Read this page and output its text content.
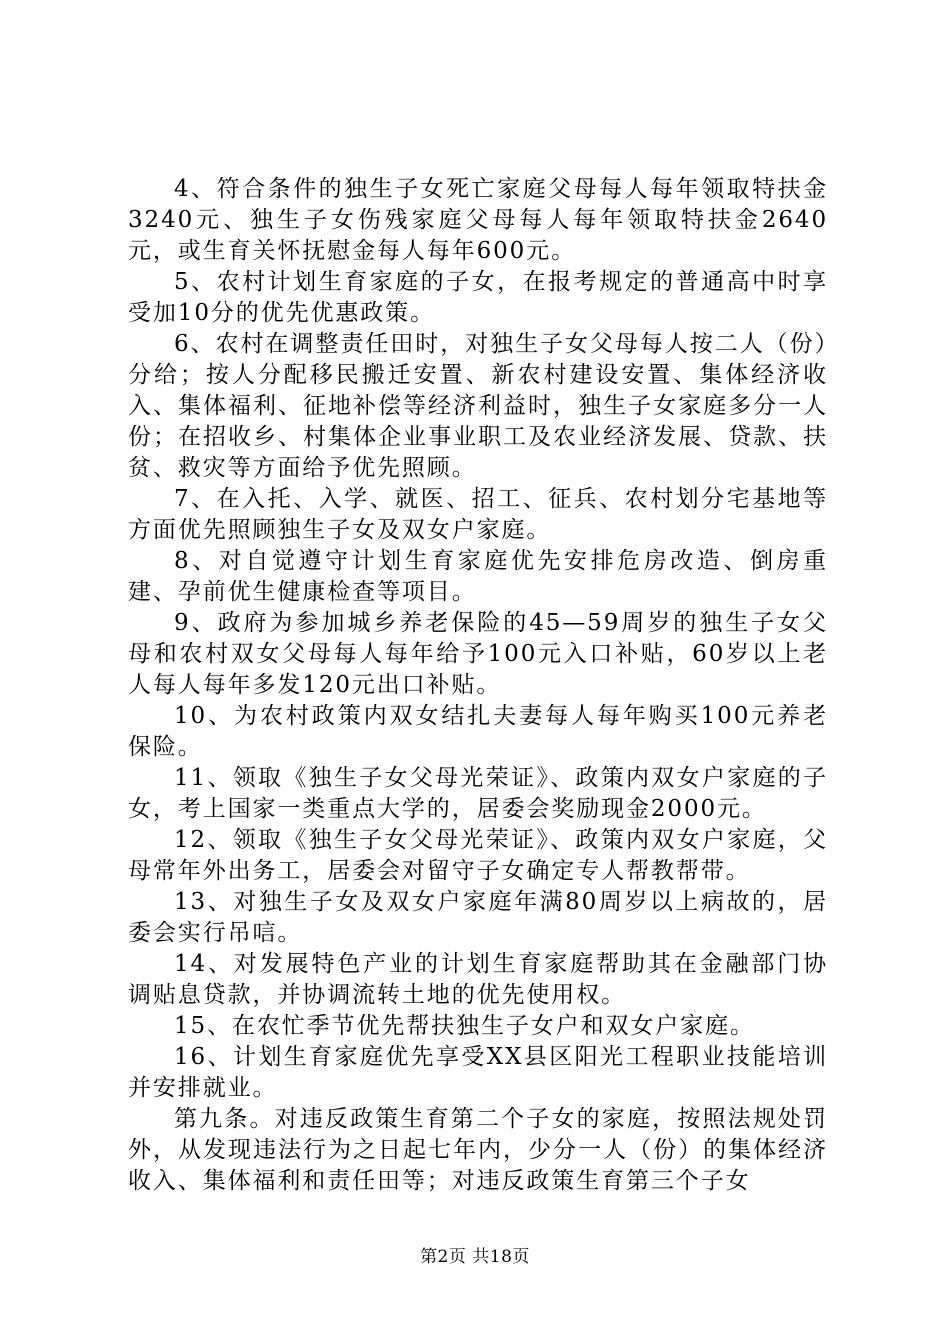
4、符合条件的独生子女死亡家庭父母每人每年领取特扶金3240元、独生子女伤残家庭父母每人每年领取特扶金2640元，或生育关怀抚慰金每人每年600元。

5、农村计划生育家庭的子女，在报考规定的普通高中时享受加10分的优先优惠政策。

6、农村在调整责任田时，对独生子女父母每人按二人（份）分给；按人分配移民搬迁安置、新农村建设安置、集体经济收入、集体福利、征地补偿等经济利益时，独生子女家庭多分一人份；在招收乡、村集体企业事业职工及农业经济发展、贷款、扶贫、救灾等方面给予优先照顾。

7、在入托、入学、就医、招工、征兵、农村划分宅基地等方面优先照顾独生子女及双女户家庭。

8、对自觉遵守计划生育家庭优先安排危房改造、倒房重建、孕前优生健康检查等项目。

9、政府为参加城乡养老保险的45—59周岁的独生子女父母和农村双女父母每人每年给予100元入口补贴，60岁以上老人每人每年多发120元出口补贴。

10、为农村政策内双女结扎夫妻每人每年购买100元养老保险。

11、领取《独生子女父母光荣证》、政策内双女户家庭的子女，考上国家一类重点大学的，居委会奖励现金2000元。

12、领取《独生子女父母光荣证》、政策内双女户家庭，父母常年外出务工，居委会对留守子女确定专人帮教帮带。

13、对独生子女及双女户家庭年满80周岁以上病故的，居委会实行吊唁。

14、对发展特色产业的计划生育家庭帮助其在金融部门协调贴息贷款，并协调流转土地的优先使用权。

15、在农忙季节优先帮扶独生子女户和双女户家庭。

16、计划生育家庭优先享受XX县区阳光工程职业技能培训并安排就业。

第九条。对违反政策生育第二个子女的家庭，按照法规处罚外，从发现违法行为之日起七年内，少分一人（份）的集体经济收入、集体福利和责任田等；对违反政策生育第三个子女

第2页 共18页
